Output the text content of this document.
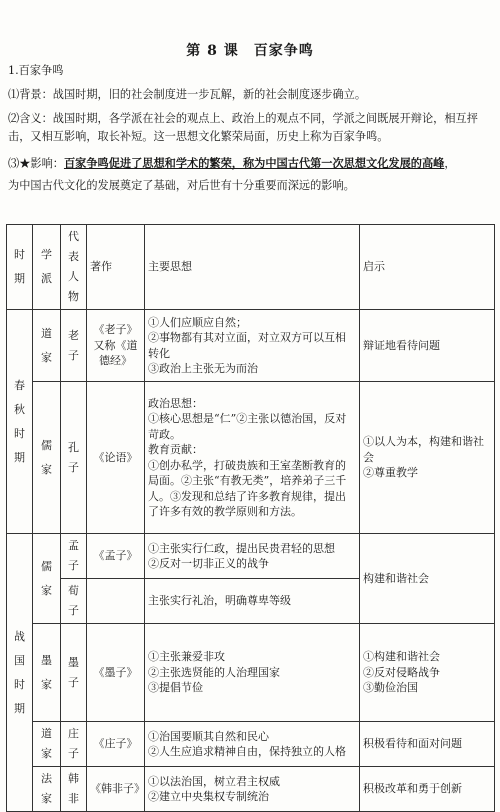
第 8 课　百家争鸣
1.百家争鸣
⑴背景：战国时期，旧的社会制度进一步瓦解，新的社会制度逐步确立。
⑵含义：战国时期，各学派在社会的观点上、政治上的观点不同，学派之间既展开辩论，相互抨
击，又相互影响，取长补短。这一思想文化繁荣局面，历史上称为百家争鸣。
⑶★影响：百家争鸣促进了思想和学术的繁荣，称为中国古代第一次思想文化发展的高峰，
为中国古代文化的发展奠定了基础，对后世有十分重要而深远的影响。
时期	学派	代表人物	著作	主要思想	启示
春秋时期	道家	老子	《老子》又称《道德经》	①人们应顺应自然；
②事物都有其对立面，对立双方可以互相转化
③政治上主张无为而治	辩证地看待问题
	儒家	孔子	《论语》	政治思想：
①核心思想是“仁”②主张以德治国，反对苛政。
教育贡献：
①创办私学，打破贵族和王室垄断教育的局面。②主张“有教无类”，培养弟子三千人。③发现和总结了许多教育规律，提出了许多有效的教学原则和方法。	①以人为本，构建和谐社会
②尊重教学

战国时期	儒家	孟子	《孟子》	①主张实行仁政，提出民贵君轻的思想
②反对一切非正义的战争	构建和谐社会
		荀子		主张实行礼治，明确尊卑等级	
	墨家	墨子	《墨子》	①主张兼爱非攻
②主张选贤能的人治理国家
③提倡节俭	①构建和谐社会
②反对侵略战争
③勤俭治国

	道家	庄子	《庄子》	①治国要顺其自然和民心
②人生应追求精神自由，保持独立的人格	积极看待和面对问题
	法家	韩非	《韩非子》	①以法治国，树立君主权威
②建立中央集权专制统治	积极改革和勇于创新
